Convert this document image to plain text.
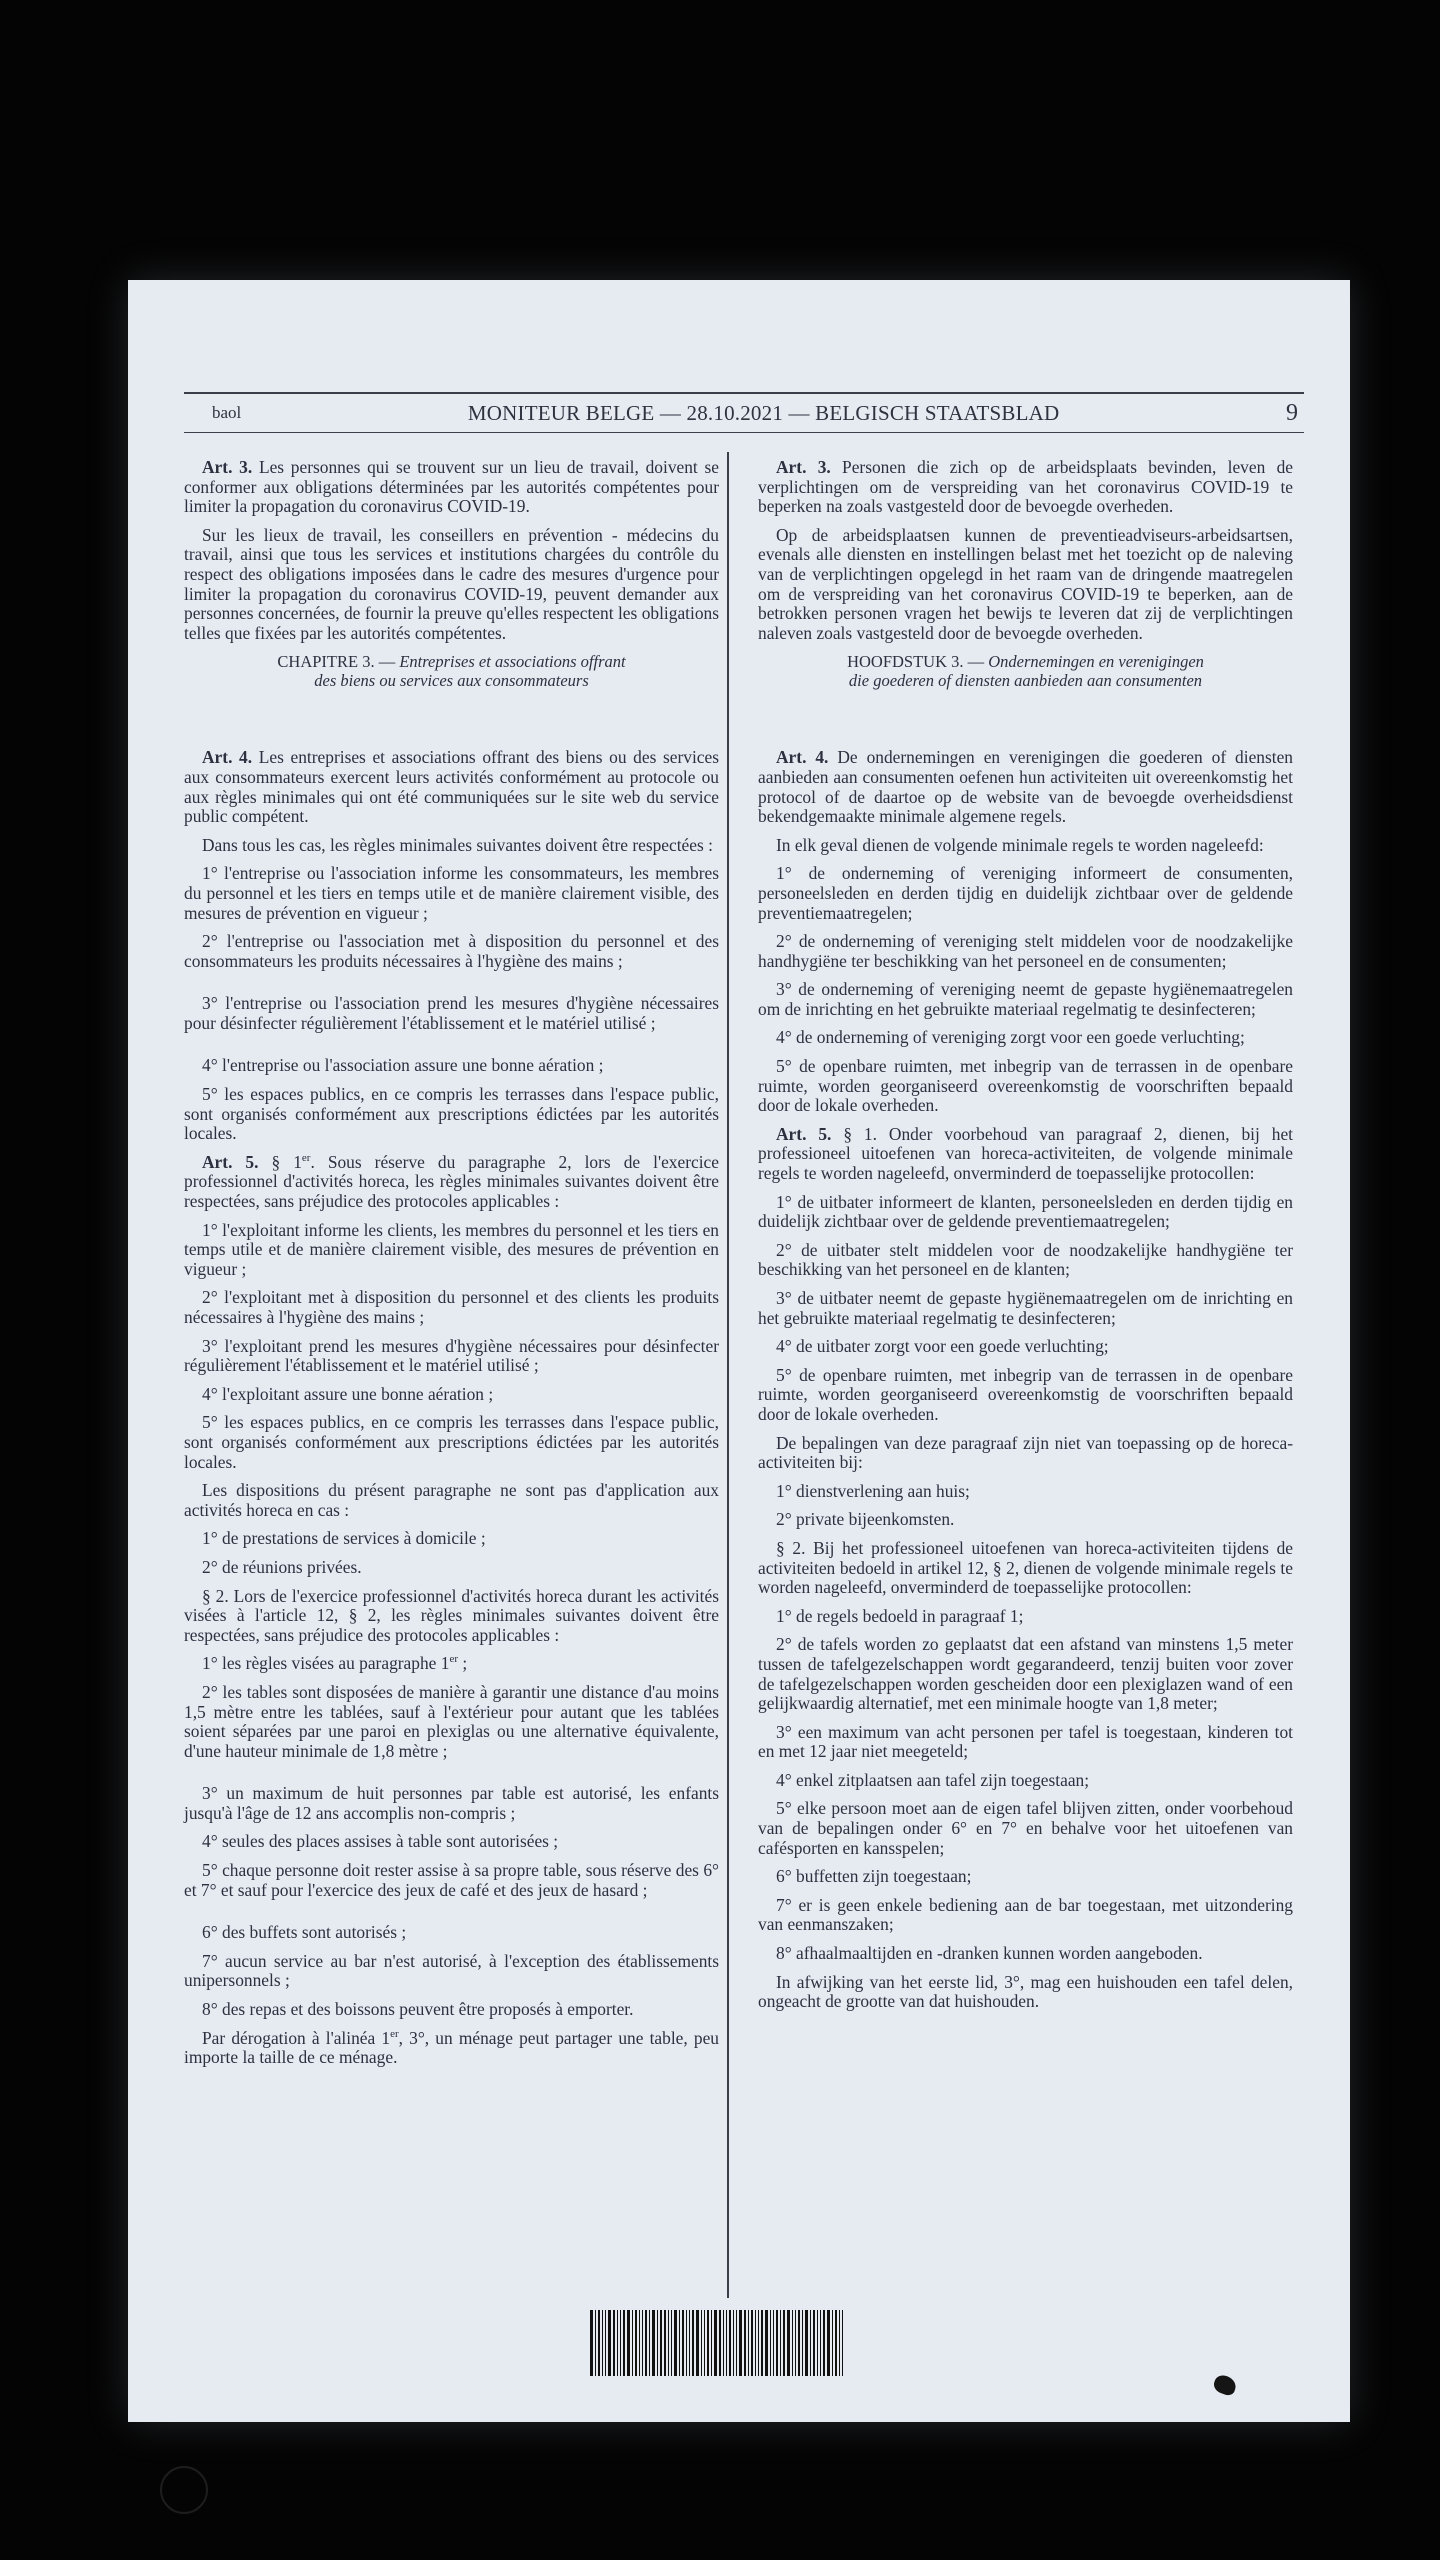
baol	MONITEUR BELGE — 28.10.2021 — BELGISCH STAATSBLAD	9

Art. 3. Les personnes qui se trouvent sur un lieu de travail, doivent se conformer aux obligations déterminées par les autorités compétentes pour limiter la propagation du coronavirus COVID-19.

Sur les lieux de travail, les conseillers en prévention - médecins du travail, ainsi que tous les services et institutions chargées du contrôle du respect des obligations imposées dans le cadre des mesures d'urgence pour limiter la propagation du coronavirus COVID-19, peuvent demander aux personnes concernées, de fournir la preuve qu'elles respectent les obligations telles que fixées par les autorités compétentes.

CHAPITRE 3. — Entreprises et associations offrant
des biens ou services aux consommateurs

Art. 4. Les entreprises et associations offrant des biens ou des services aux consommateurs exercent leurs activités conformément au protocole ou aux règles minimales qui ont été communiquées sur le site web du service public compétent.

Dans tous les cas, les règles minimales suivantes doivent être respectées :

1° l'entreprise ou l'association informe les consommateurs, les membres du personnel et les tiers en temps utile et de manière clairement visible, des mesures de prévention en vigueur ;

2° l'entreprise ou l'association met à disposition du personnel et des consommateurs les produits nécessaires à l'hygiène des mains ;

3° l'entreprise ou l'association prend les mesures d'hygiène nécessaires pour désinfecter régulièrement l'établissement et le matériel utilisé ;

4° l'entreprise ou l'association assure une bonne aération ;

5° les espaces publics, en ce compris les terrasses dans l'espace public, sont organisés conformément aux prescriptions édictées par les autorités locales.

Art. 5. § 1er. Sous réserve du paragraphe 2, lors de l'exercice professionnel d'activités horeca, les règles minimales suivantes doivent être respectées, sans préjudice des protocoles applicables :

1° l'exploitant informe les clients, les membres du personnel et les tiers en temps utile et de manière clairement visible, des mesures de prévention en vigueur ;

2° l'exploitant met à disposition du personnel et des clients les produits nécessaires à l'hygiène des mains ;

3° l'exploitant prend les mesures d'hygiène nécessaires pour désinfecter régulièrement l'établissement et le matériel utilisé ;

4° l'exploitant assure une bonne aération ;

5° les espaces publics, en ce compris les terrasses dans l'espace public, sont organisés conformément aux prescriptions édictées par les autorités locales.

Les dispositions du présent paragraphe ne sont pas d'application aux activités horeca en cas :

1° de prestations de services à domicile ;

2° de réunions privées.

§ 2. Lors de l'exercice professionnel d'activités horeca durant les activités visées à l'article 12, § 2, les règles minimales suivantes doivent être respectées, sans préjudice des protocoles applicables :

1° les règles visées au paragraphe 1er ;

2° les tables sont disposées de manière à garantir une distance d'au moins 1,5 mètre entre les tablées, sauf à l'extérieur pour autant que les tablées soient séparées par une paroi en plexiglas ou une alternative équivalente, d'une hauteur minimale de 1,8 mètre ;

3° un maximum de huit personnes par table est autorisé, les enfants jusqu'à l'âge de 12 ans accomplis non-compris ;

4° seules des places assises à table sont autorisées ;

5° chaque personne doit rester assise à sa propre table, sous réserve des 6° et 7° et sauf pour l'exercice des jeux de café et des jeux de hasard ;

6° des buffets sont autorisés ;

7° aucun service au bar n'est autorisé, à l'exception des établissements unipersonnels ;

8° des repas et des boissons peuvent être proposés à emporter.

Par dérogation à l'alinéa 1er, 3°, un ménage peut partager une table, peu importe la taille de ce ménage.

Art. 3. Personen die zich op de arbeidsplaats bevinden, leven de verplichtingen om de verspreiding van het coronavirus COVID-19 te beperken na zoals vastgesteld door de bevoegde overheden.

Op de arbeidsplaatsen kunnen de preventieadviseurs-arbeidsartsen, evenals alle diensten en instellingen belast met het toezicht op de naleving van de verplichtingen opgelegd in het raam van de dringende maatregelen om de verspreiding van het coronavirus COVID-19 te beperken, aan de betrokken personen vragen het bewijs te leveren dat zij de verplichtingen naleven zoals vastgesteld door de bevoegde overheden.

HOOFDSTUK 3. — Ondernemingen en verenigingen
die goederen of diensten aanbieden aan consumenten

Art. 4. De ondernemingen en verenigingen die goederen of diensten aanbieden aan consumenten oefenen hun activiteiten uit overeenkomstig het protocol of de daartoe op de website van de bevoegde overheidsdienst bekendgemaakte minimale algemene regels.

In elk geval dienen de volgende minimale regels te worden nageleefd:

1° de onderneming of vereniging informeert de consumenten, personeelsleden en derden tijdig en duidelijk zichtbaar over de geldende preventiemaatregelen;

2° de onderneming of vereniging stelt middelen voor de noodzakelijke handhygiëne ter beschikking van het personeel en de consumenten;

3° de onderneming of vereniging neemt de gepaste hygiënemaatregelen om de inrichting en het gebruikte materiaal regelmatig te desinfecteren;

4° de onderneming of vereniging zorgt voor een goede verluchting;

5° de openbare ruimten, met inbegrip van de terrassen in de openbare ruimte, worden georganiseerd overeenkomstig de voorschriften bepaald door de lokale overheden.

Art. 5. § 1. Onder voorbehoud van paragraaf 2, dienen, bij het professioneel uitoefenen van horeca-activiteiten, de volgende minimale regels te worden nageleefd, onverminderd de toepasselijke protocollen:

1° de uitbater informeert de klanten, personeelsleden en derden tijdig en duidelijk zichtbaar over de geldende preventiemaatregelen;

2° de uitbater stelt middelen voor de noodzakelijke handhygiëne ter beschikking van het personeel en de klanten;

3° de uitbater neemt de gepaste hygiënemaatregelen om de inrichting en het gebruikte materiaal regelmatig te desinfecteren;

4° de uitbater zorgt voor een goede verluchting;

5° de openbare ruimten, met inbegrip van de terrassen in de openbare ruimte, worden georganiseerd overeenkomstig de voorschriften bepaald door de lokale overheden.

De bepalingen van deze paragraaf zijn niet van toepassing op de horeca-activiteiten bij:

1° dienstverlening aan huis;

2° private bijeenkomsten.

§ 2. Bij het professioneel uitoefenen van horeca-activiteiten tijdens de activiteiten bedoeld in artikel 12, § 2, dienen de volgende minimale regels te worden nageleefd, onverminderd de toepasselijke protocollen:

1° de regels bedoeld in paragraaf 1;

2° de tafels worden zo geplaatst dat een afstand van minstens 1,5 meter tussen de tafelgezelschappen wordt gegarandeerd, tenzij buiten voor zover de tafelgezelschappen worden gescheiden door een plexiglazen wand of een gelijkwaardig alternatief, met een minimale hoogte van 1,8 meter;

3° een maximum van acht personen per tafel is toegestaan, kinderen tot en met 12 jaar niet meegeteld;

4° enkel zitplaatsen aan tafel zijn toegestaan;

5° elke persoon moet aan de eigen tafel blijven zitten, onder voorbehoud van de bepalingen onder 6° en 7° en behalve voor het uitoefenen van cafésporten en kansspelen;

6° buffetten zijn toegestaan;

7° er is geen enkele bediening aan de bar toegestaan, met uitzondering van eenmanszaken;

8° afhaalmaaltijden en -dranken kunnen worden aangeboden.

In afwijking van het eerste lid, 3°, mag een huishouden een tafel delen, ongeacht de grootte van dat huishouden.
